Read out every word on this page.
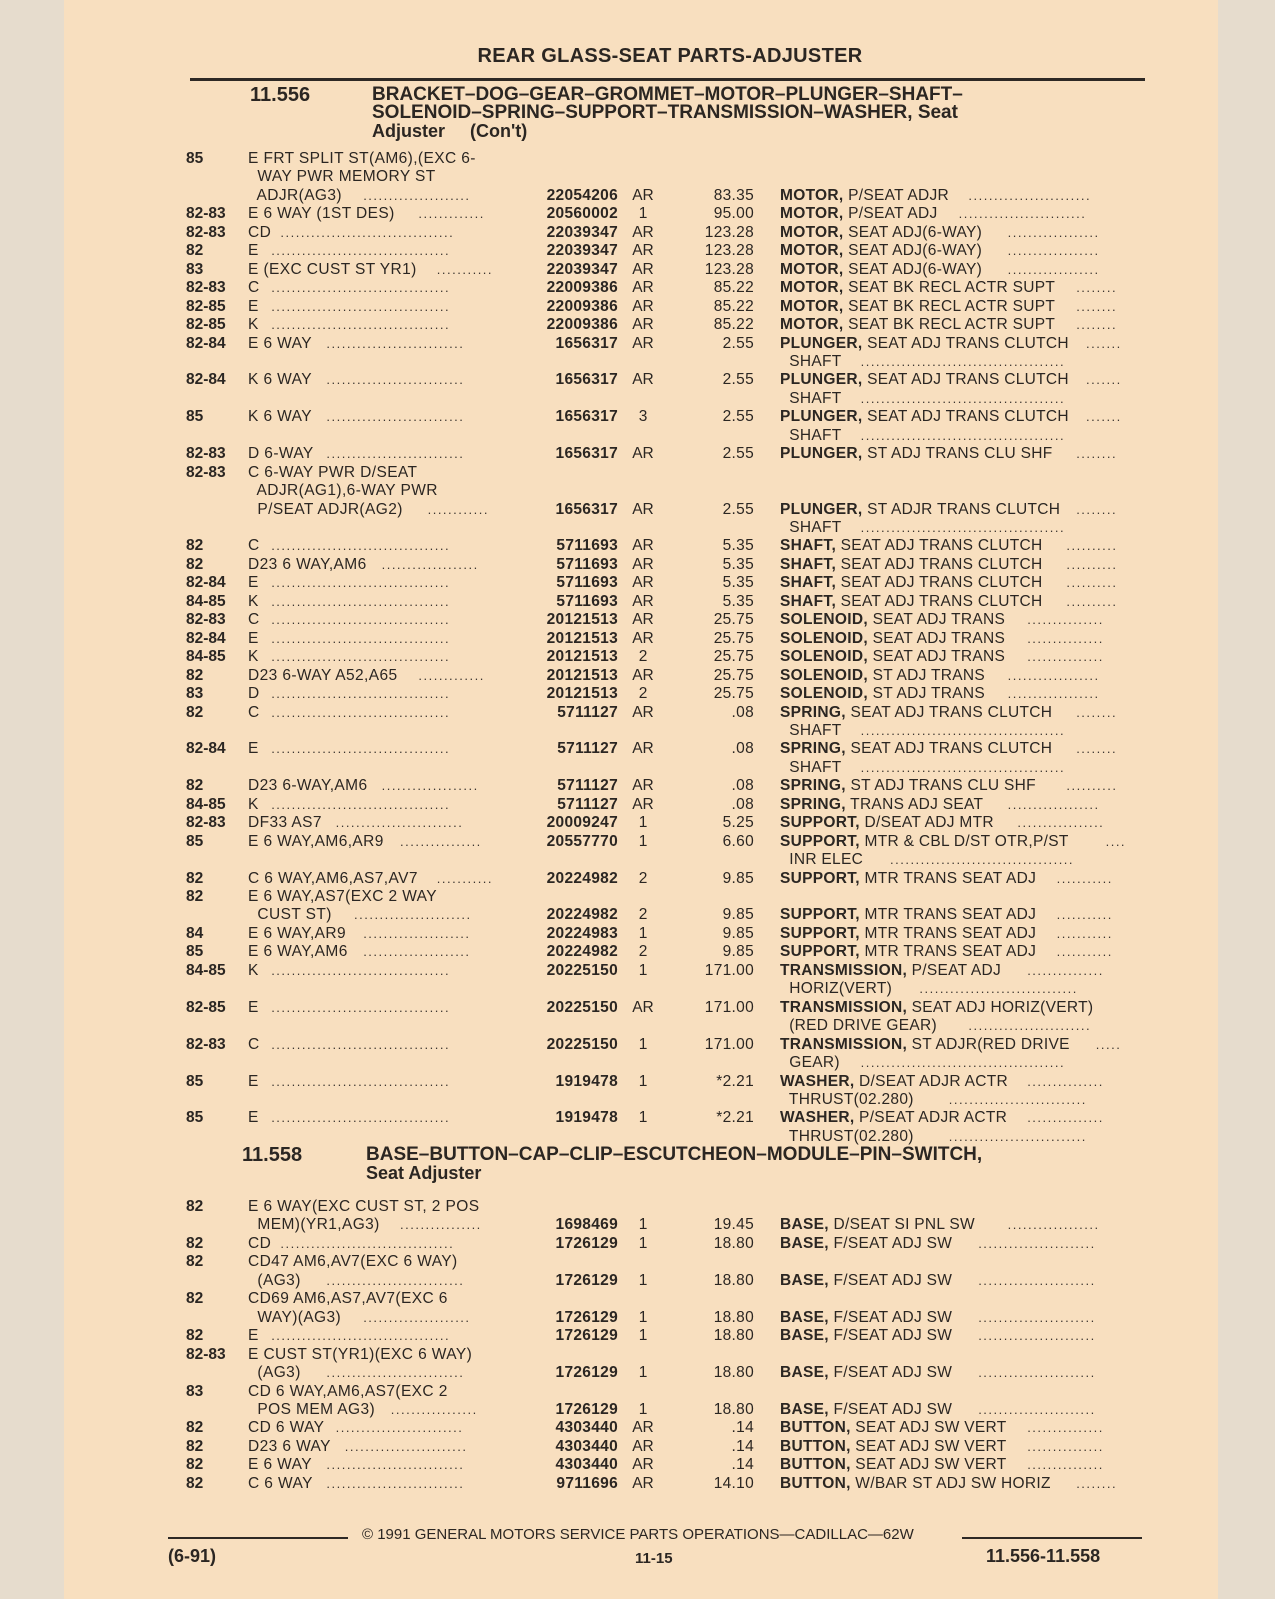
REAR GLASS-SEAT PARTS-ADJUSTER
11.556	BRACKET–DOG–GEAR–GROMMET–MOTOR–PLUNGER–SHAFT–
SOLENOID–SPRING–SUPPORT–TRANSMISSION–WASHER, Seat
Adjuster     (Con't)
11.558	BASE–BUTTON–CAP–CLIP–ESCUTCHEON–MODULE–PIN–SWITCH,
Seat Adjuster
85	E FRT SPLIT ST(AM6),(EXC 6-
WAY PWR MEMORY ST
ADJR(AG3) .....................	22054206 AR	83.35 MOTOR, P/SEAT ADJR ........................
82-83 E 6 WAY (1ST DES) .............	20560002	1	95.00 MOTOR, P/SEAT ADJ .........................
82-83 CD ..................................	22039347 AR	123.28 MOTOR, SEAT ADJ(6-WAY) ..................
82	E ...................................	22039347 AR	123.28 MOTOR, SEAT ADJ(6-WAY) ..................
83	E (EXC CUST ST YR1) ...........	22039347 AR	123.28 MOTOR, SEAT ADJ(6-WAY) ..................
82-83 C ...................................	22009386 AR	85.22 MOTOR, SEAT BK RECL ACTR SUPT ........
82-85 E ...................................	22009386 AR	85.22 MOTOR, SEAT BK RECL ACTR SUPT ........
82-85 K ...................................	22009386 AR	85.22 MOTOR, SEAT BK RECL ACTR SUPT ........
82-84 E 6 WAY ...........................	1656317 AR	2.55 PLUNGER, SEAT ADJ TRANS CLUTCH .......
SHAFT ........................................
82-84 K 6 WAY ...........................	1656317 AR	2.55 PLUNGER, SEAT ADJ TRANS CLUTCH .......
SHAFT ........................................
85	K 6 WAY ...........................	1656317	3	2.55 PLUNGER, SEAT ADJ TRANS CLUTCH .......
SHAFT ........................................
82-83 D 6-WAY ...........................	1656317 AR	2.55 PLUNGER, ST ADJ TRANS CLU SHF ........
82-83 C 6-WAY PWR D/SEAT
ADJR(AG1),6-WAY PWR
P/SEAT ADJR(AG2) ............	1656317 AR	2.55 PLUNGER, ST ADJR TRANS CLUTCH ........
SHAFT ........................................
82	C ...................................	5711693 AR	5.35 SHAFT, SEAT ADJ TRANS CLUTCH ..........
82	D23 6 WAY,AM6 ...................	5711693 AR	5.35 SHAFT, SEAT ADJ TRANS CLUTCH ..........
82-84 E ...................................	5711693 AR	5.35 SHAFT, SEAT ADJ TRANS CLUTCH ..........
84-85 K ...................................	5711693 AR	5.35 SHAFT, SEAT ADJ TRANS CLUTCH ..........
82-83 C ...................................	20121513 AR	25.75 SOLENOID, SEAT ADJ TRANS ...............
82-84 E ...................................	20121513 AR	25.75 SOLENOID, SEAT ADJ TRANS ...............
84-85 K ...................................	20121513	2	25.75 SOLENOID, SEAT ADJ TRANS ...............
82	D23 6-WAY A52,A65 .............	20121513 AR	25.75 SOLENOID, ST ADJ TRANS ..................
83	D ...................................	20121513	2	25.75 SOLENOID, ST ADJ TRANS ..................
82	C ...................................	5711127 AR	.08 SPRING, SEAT ADJ TRANS CLUTCH ........
SHAFT ........................................
82-84 E ...................................	5711127 AR	.08 SPRING, SEAT ADJ TRANS CLUTCH ........
SHAFT ........................................
82	D23 6-WAY,AM6 ...................	5711127 AR	.08 SPRING, ST ADJ TRANS CLU SHF ..........
84-85 K ...................................	5711127 AR	.08 SPRING, TRANS ADJ SEAT ..................
82-83 DF33 AS7 .........................	20009247	1	5.25 SUPPORT, D/SEAT ADJ MTR .................
85	E 6 WAY,AM6,AR9 ................	20557770	1	6.60 SUPPORT, MTR & CBL D/ST OTR,P/ST	....
INR ELEC ....................................
82	C 6 WAY,AM6,AS7,AV7 ...........	20224982	2	9.85 SUPPORT, MTR TRANS SEAT ADJ ...........
82	E 6 WAY,AS7(EXC 2 WAY
CUST ST) .......................	20224982	2	9.85 SUPPORT, MTR TRANS SEAT ADJ ...........
84	E 6 WAY,AR9 .....................	20224983	1	9.85 SUPPORT, MTR TRANS SEAT ADJ ...........
85	E 6 WAY,AM6 .....................	20224982	2	9.85 SUPPORT, MTR TRANS SEAT ADJ ...........
84-85 K ...................................	20225150	1	171.00 TRANSMISSION, P/SEAT ADJ ...............
HORIZ(VERT) ...............................
82-85 E ...................................	20225150 AR	171.00 TRANSMISSION, SEAT ADJ HORIZ(VERT)
(RED DRIVE GEAR) ........................
82-83 C ...................................	20225150	1	171.00 TRANSMISSION, ST ADJR(RED DRIVE .....
GEAR) ........................................
85	E ...................................	1919478	1	*2.21 WASHER, D/SEAT ADJR ACTR ...............
THRUST(02.280)	...........................
85	E ...................................	1919478	1	*2.21 WASHER, P/SEAT ADJR ACTR ...............
THRUST(02.280)	...........................
82	E 6 WAY(EXC CUST ST, 2 POS
MEM)(YR1,AG3) ................	1698469	1	19.45 BASE, D/SEAT SI PNL SW	..................
82	CD ..................................	1726129	1	18.80 BASE, F/SEAT ADJ SW .......................
82	CD47 AM6,AV7(EXC 6 WAY)
(AG3) ...........................	1726129	1	18.80 BASE, F/SEAT ADJ SW .......................
82	CD69 AM6,AS7,AV7(EXC 6
WAY)(AG3) .....................	1726129	1	18.80 BASE, F/SEAT ADJ SW .......................
82	E ...................................	1726129	1	18.80 BASE, F/SEAT ADJ SW .......................
82-83 E CUST ST(YR1)(EXC 6 WAY)
(AG3) ...........................	1726129	1	18.80 BASE, F/SEAT ADJ SW .......................
83	CD 6 WAY,AM6,AS7(EXC 2
POS MEM AG3) .................	1726129	1	18.80 BASE, F/SEAT ADJ SW .......................
82	CD 6 WAY .........................	4303440 AR	.14 BUTTON, SEAT ADJ SW VERT ...............
82	D23 6 WAY ........................	4303440 AR	.14 BUTTON, SEAT ADJ SW VERT ...............
82	E 6 WAY ...........................	4303440 AR	.14 BUTTON, SEAT ADJ SW VERT ...............
82	C 6 WAY ...........................	9711696 AR	14.10 BUTTON, W/BAR ST ADJ SW HORIZ ........
© 1991 GENERAL MOTORS SERVICE PARTS OPERATIONS—CADILLAC—62W
(6-91)	11-15	11.556-11.558
